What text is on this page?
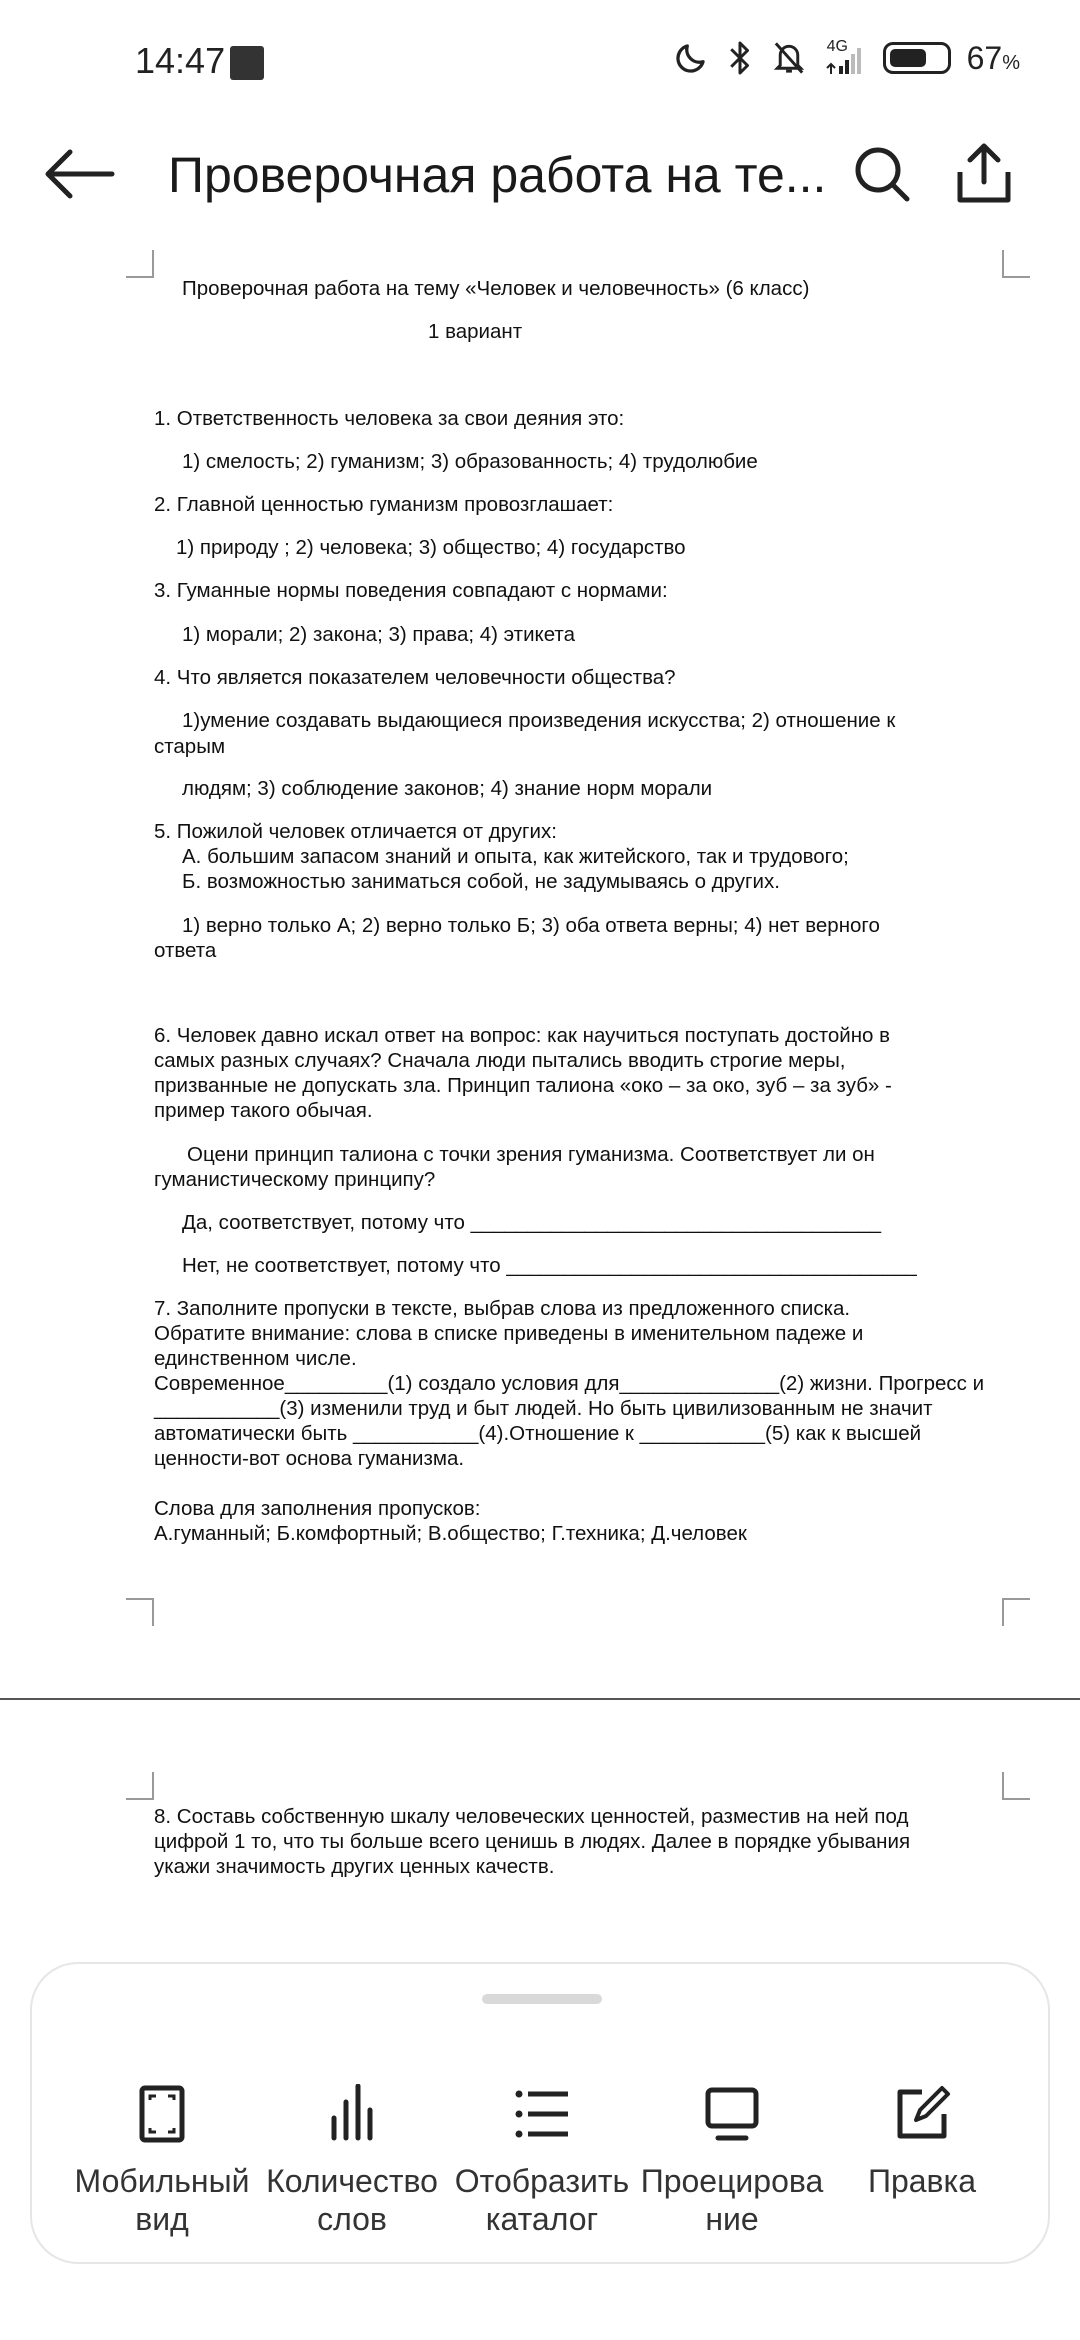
14:47	4G	67%
Проверочная работа на те...
Проверочная работа на тему «Человек и человечность» (6 класс)
1 вариант
1. Ответственность человека за свои деяния это:
1) смелость; 2) гуманизм; 3) образованность; 4) трудолюбие
2. Главной ценностью гуманизм провозглашает:
1) природу ; 2) человека; 3) общество; 4) государство
3. Гуманные нормы поведения совпадают с нормами:
1) морали; 2) закона; 3) права; 4) этикета
4. Что является показателем человечности общества?
1)умение создавать выдающиеся произведения искусства; 2) отношение к
старым
людям; 3) соблюдение законов; 4) знание норм морали
5. Пожилой человек отличается от других:
А. большим запасом знаний и опыта, как житейского, так и трудового;
Б. возможностью заниматься собой, не задумываясь о других.
1) верно только А; 2) верно только Б; 3) оба ответа верны; 4) нет верного
ответа
6. Человек давно искал ответ на вопрос: как научиться поступать достойно в
самых разных случаях? Сначала люди пытались вводить строгие меры,
призванные не допускать зла. Принцип талиона «око – за око, зуб – за зуб» -
пример такого обычая.
Оцени принцип талиона с точки зрения гуманизма. Соответствует ли он
гуманистическому принципу?
Да, соответствует, потому что ____________________________________
Нет, не соответствует, потому что ____________________________________
7. Заполните пропуски в тексте, выбрав слова из предложенного списка.
Обратите внимание: слова в списке приведены в именительном падеже и
единственном числе.
Современное_________(1) создало условия для______________(2) жизни. Прогресс и
___________(3) изменили труд и быт людей. Но быть цивилизованным не значит
автоматически быть ___________(4).Отношение к ___________(5) как к высшей
ценности-вот основа гуманизма.
Слова для заполнения пропусков:
А.гуманный; Б.комфортный; В.общество; Г.техника; Д.человек
8. Составь собственную шкалу человеческих ценностей, разместив на ней под
цифрой 1 то, что ты больше всего ценишь в людях. Далее в порядке убывания
укажи значимость других ценных качеств.
Мобильный
вид
Количество
слов
Отобразить
каталог
Проецирова
ние
Правка
